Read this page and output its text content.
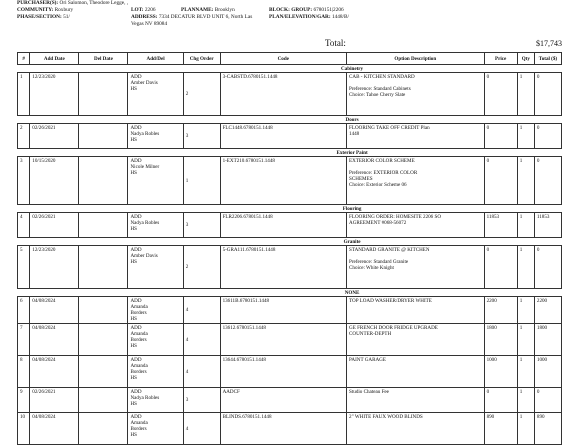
PURCHASER(S): Ori Salomon, Theodore Legge, ,
COMMUNITY: Roxbury
PHASE/SECTION: 51/
LOT: 2206
ADDRESS: 7334 DECATUR BLVD UNIT 6, North Las
Vegas NV 89084
PLANNAME: Brooklyn	BLOCK: GROUP: 6780151|2206
PLAN/ELEVATION/GAR: 1448/B/
Total:	$17,743
#	Add Date	Del Date	Add/Del	Chg Order	Code	Option Description	Price	Qty	Total ($)
					Cabinetry				
1	12/23/2020		ADD
Amber Davis
HS	2	3-CABSTD.6780151.1448	CAB - KITCHEN STANDARD

Preference: Standard Cabinets
Choice: Tahoe Cherry Slate	0	1	0
					Doors				
2	02/26/2021		ADD
Nadya Robles
HS	3	FLC1448.6780151.1448	FLOORING TAKE OFF CREDIT Plan
1448	0	1	0
					Exterior Paint				
3	10/15/2020		ADD
Nicole Milner
HS	1	1-EXT210.6780151.1448	EXTERIOR COLOR SCHEME

Preference: EXTERIOR COLOR
SCHEMES
Choice: Exterior Scheme 06	0	1	0
					Flooring				
4	02/26/2021		ADD
Nadya Robles
HS	3	FLR2206.6780151.1448	FLOORING ORDER: HOMESITE 2206 SO
AGREEMENT #068-56072	11853	1	11853
					Granite				
5	12/23/2020		ADD
Amber Davis
HS	2	5-GRA111.6780151.1448	STANDARD GRANITE @ KITCHEN

Preference: Standard Granite
Choice: White Knight	0	1	0
					NONE				
6	04/08/2024		ADD
Amanda
Borders
HS	4	13611B.6780151.1448	TOP LOAD WASHER/DRYER WHITE	2200	1	2200
7	04/08/2024		ADD
Amanda
Borders
HS	4	13612.6780151.1448	GE FRENCH DOOR FRIDGE UPGRADE
COUNTER-DEPTH	1800	1	1800
8	04/08/2024		ADD
Amanda
Borders
HS	4	13644.6780151.1448	PAINT GARAGE	1000	1	1000
9	02/26/2021		ADD
Nadya Robles
HS	3	AADCF	Studio Chateau Fee	0	1	0
10	04/08/2024		ADD
Amanda
Borders
HS	4	BLINDS.6780151.1448	2" WHITE FAUX WOOD BLINDS	890	1	890
